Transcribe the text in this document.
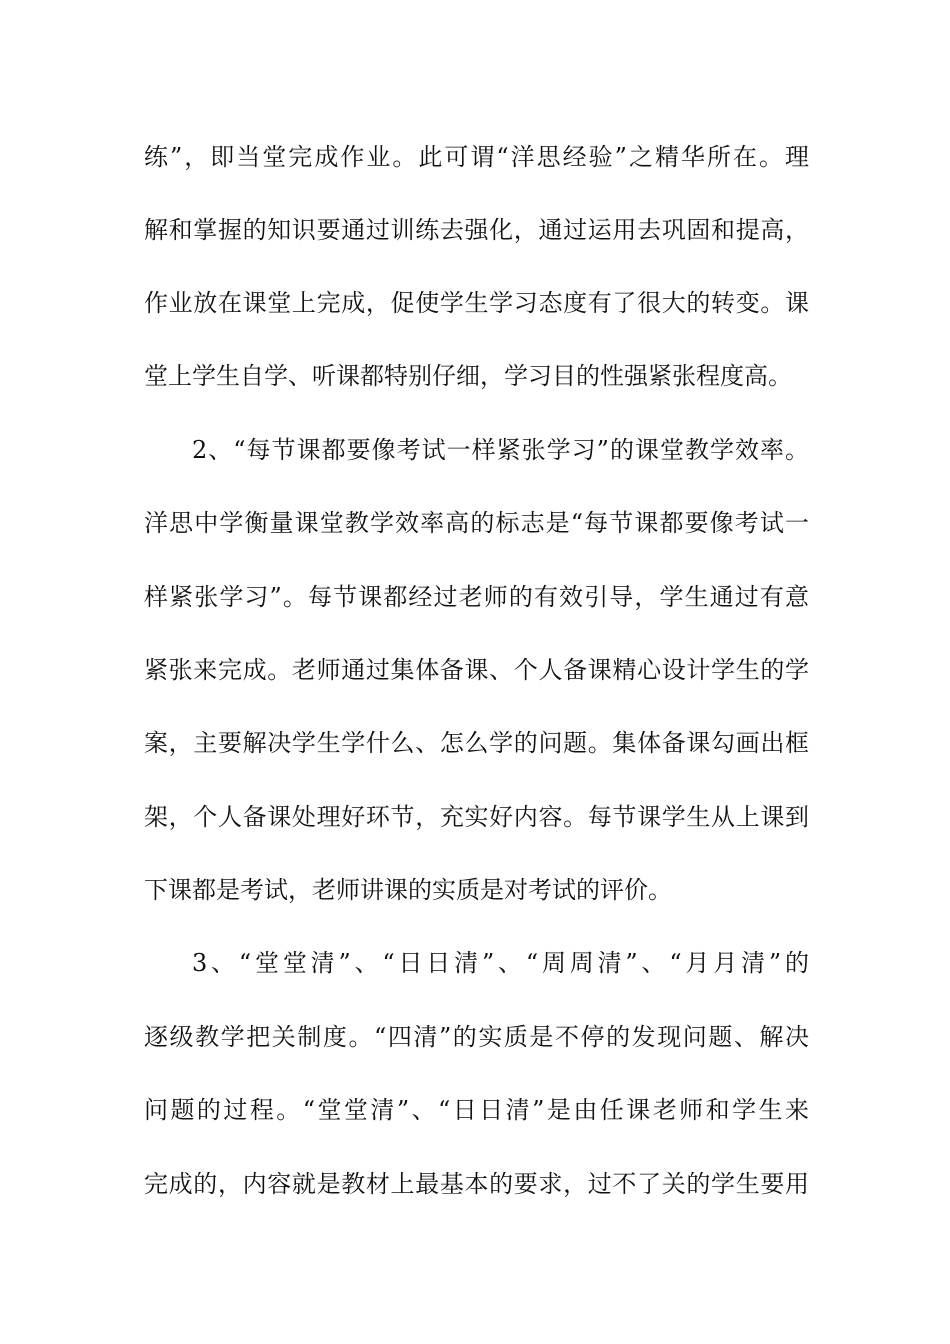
练”，即当堂完成作业。此可谓“洋思经验”之精华所在。理
解和掌握的知识要通过训练去强化，通过运用去巩固和提高，
作业放在课堂上完成，促使学生学习态度有了很大的转变。课
堂上学生自学、听课都特别仔细，学习目的性强紧张程度高。
2、“每节课都要像考试一样紧张学习”的课堂教学效率。
洋思中学衡量课堂教学效率高的标志是“每节课都要像考试一
样紧张学习”。每节课都经过老师的有效引导，学生通过有意
紧张来完成。老师通过集体备课、个人备课精心设计学生的学
案，主要解决学生学什么、怎么学的问题。集体备课勾画出框
架，个人备课处理好环节，充实好内容。每节课学生从上课到
下课都是考试，老师讲课的实质是对考试的评价。
3、“堂堂清”、“日日清”、“周周清”、“月月清”的
逐级教学把关制度。“四清”的实质是不停的发现问题、解决
问题的过程。“堂堂清”、“日日清”是由任课老师和学生来
完成的，内容就是教材上最基本的要求，过不了关的学生要用
